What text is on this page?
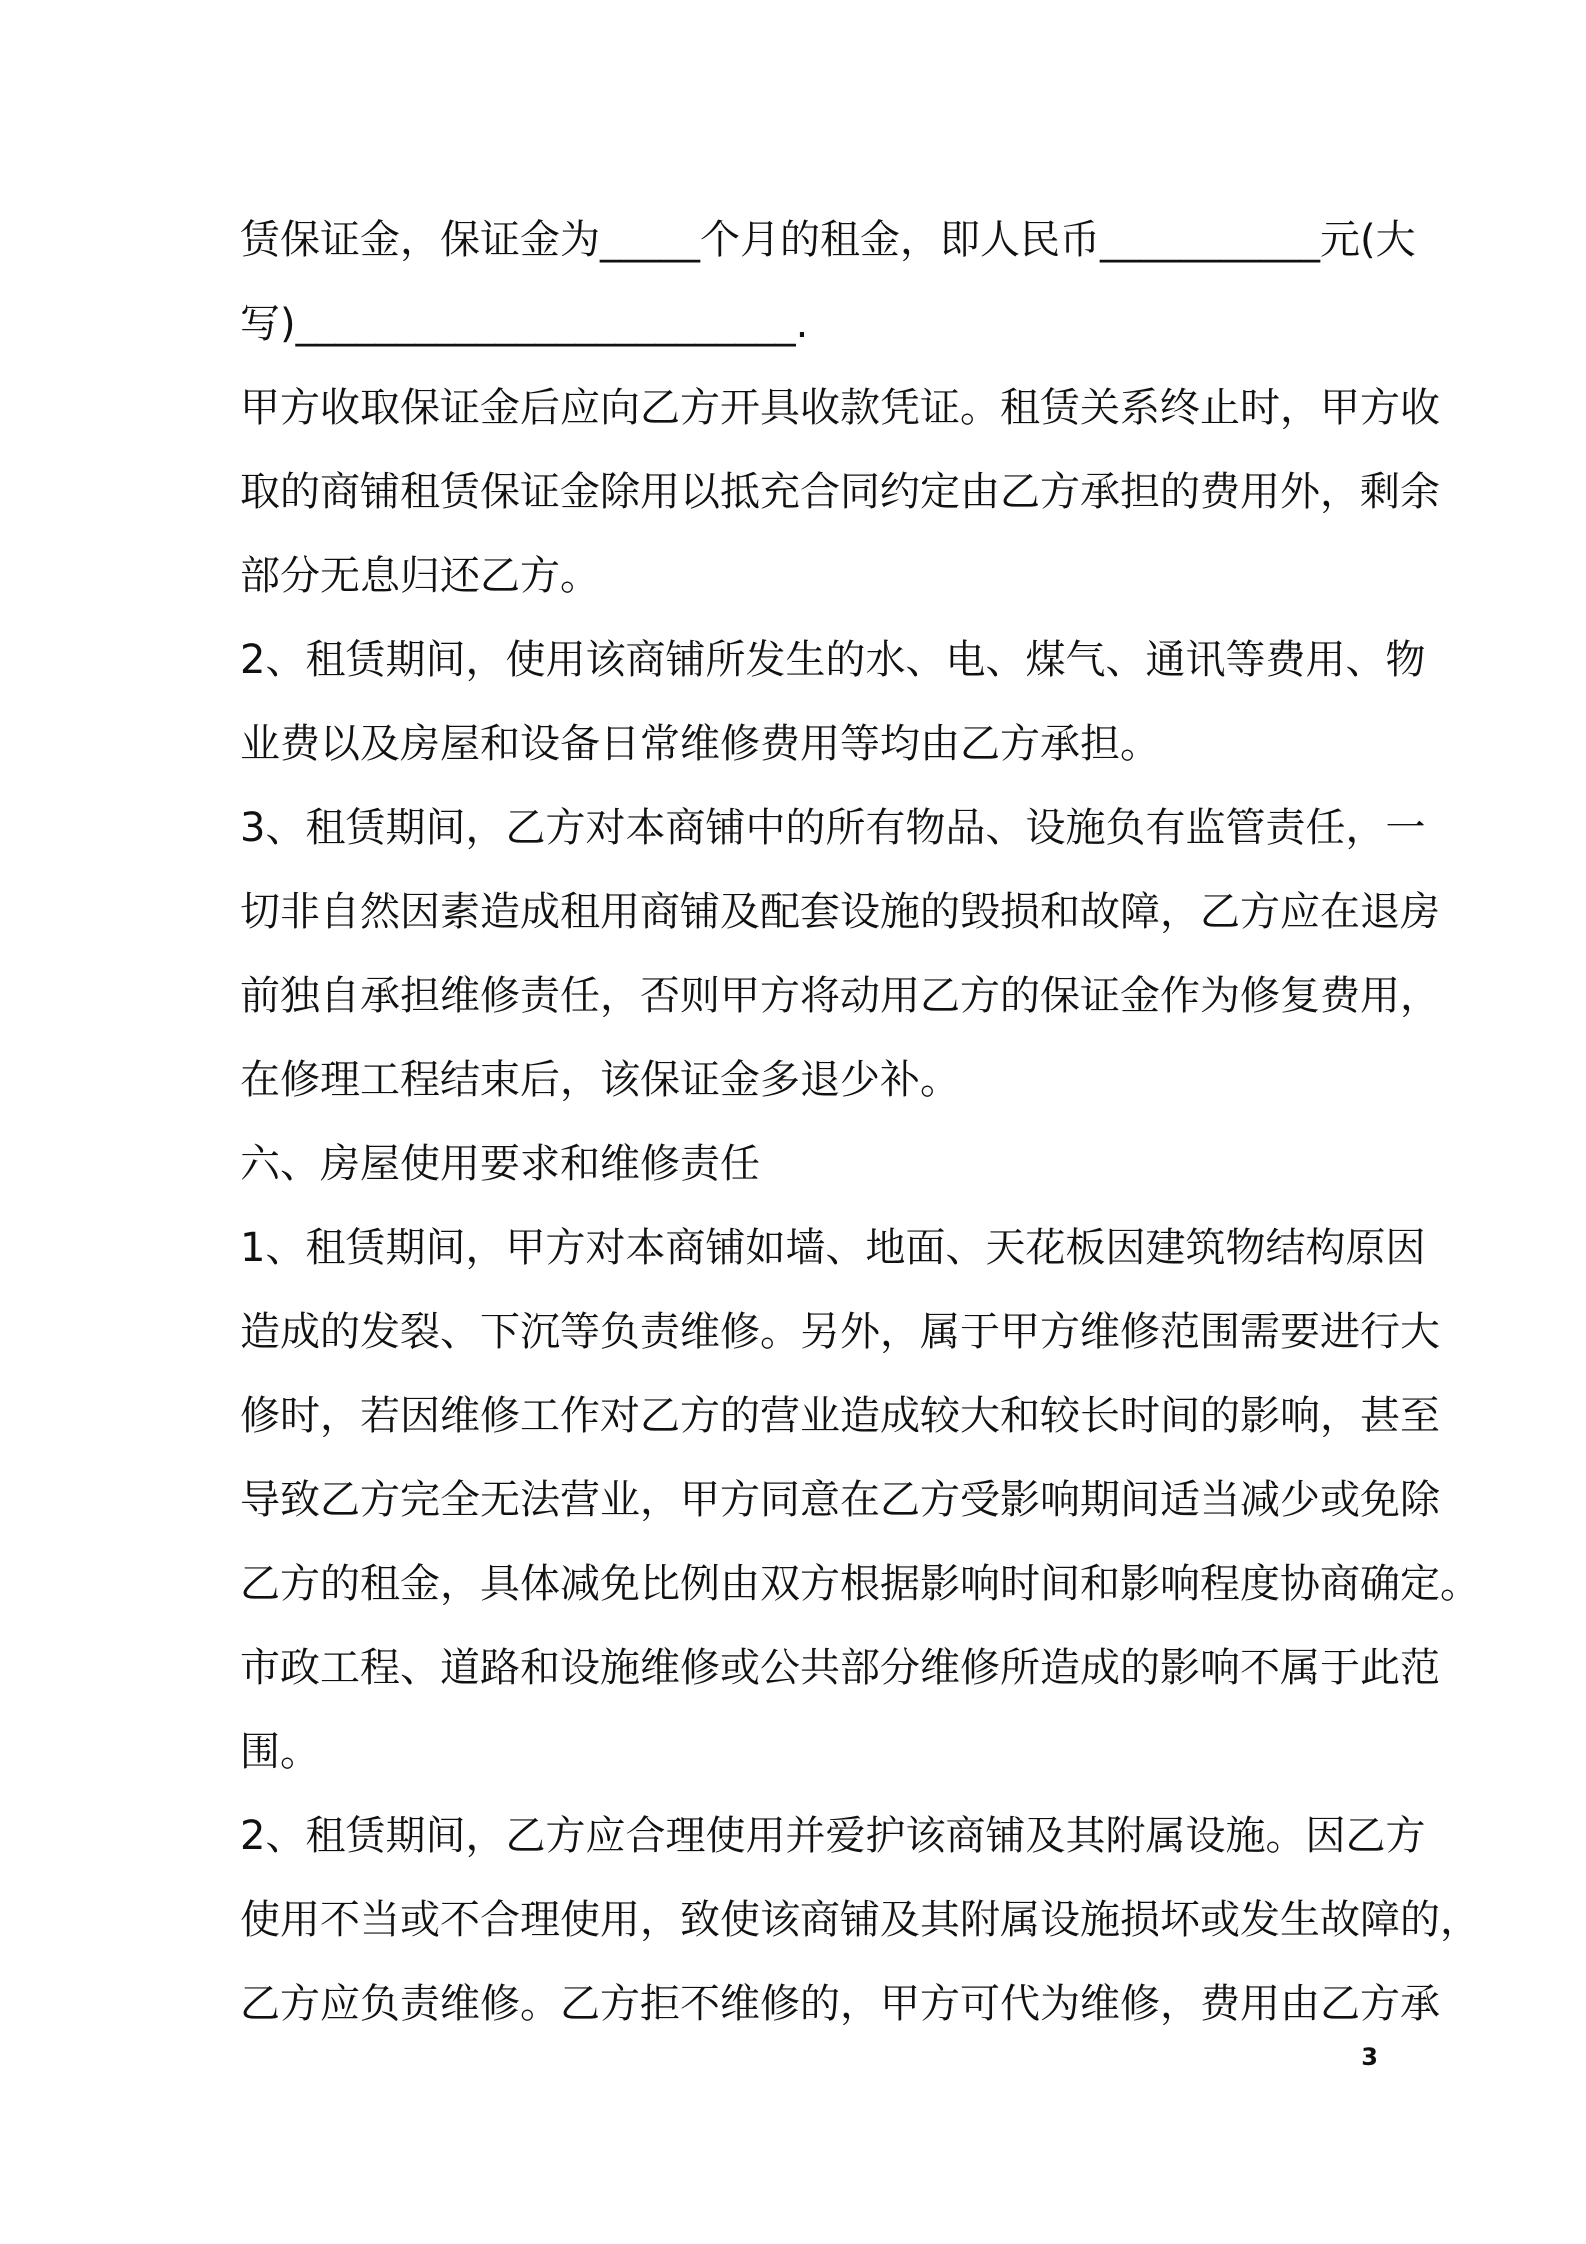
赁保证金，保证金为_____个月的租金，即人民币___________元(大
写)_________________________.
甲方收取保证金后应向乙方开具收款凭证。租赁关系终止时，甲方收
取的商铺租赁保证金除用以抵充合同约定由乙方承担的费用外，剩余
部分无息归还乙方。
2、租赁期间，使用该商铺所发生的水、电、煤气、通讯等费用、物
业费以及房屋和设备日常维修费用等均由乙方承担。
3、租赁期间，乙方对本商铺中的所有物品、设施负有监管责任，一
切非自然因素造成租用商铺及配套设施的毁损和故障，乙方应在退房
前独自承担维修责任，否则甲方将动用乙方的保证金作为修复费用，
在修理工程结束后，该保证金多退少补。
六、房屋使用要求和维修责任
1、租赁期间，甲方对本商铺如墙、地面、天花板因建筑物结构原因
造成的发裂、下沉等负责维修。另外，属于甲方维修范围需要进行大
修时，若因维修工作对乙方的营业造成较大和较长时间的影响，甚至
导致乙方完全无法营业，甲方同意在乙方受影响期间适当减少或免除
乙方的租金，具体减免比例由双方根据影响时间和影响程度协商确定。
市政工程、道路和设施维修或公共部分维修所造成的影响不属于此范
围。
2、租赁期间，乙方应合理使用并爱护该商铺及其附属设施。因乙方
使用不当或不合理使用，致使该商铺及其附属设施损坏或发生故障的，
乙方应负责维修。乙方拒不维修的，甲方可代为维修，费用由乙方承
3
